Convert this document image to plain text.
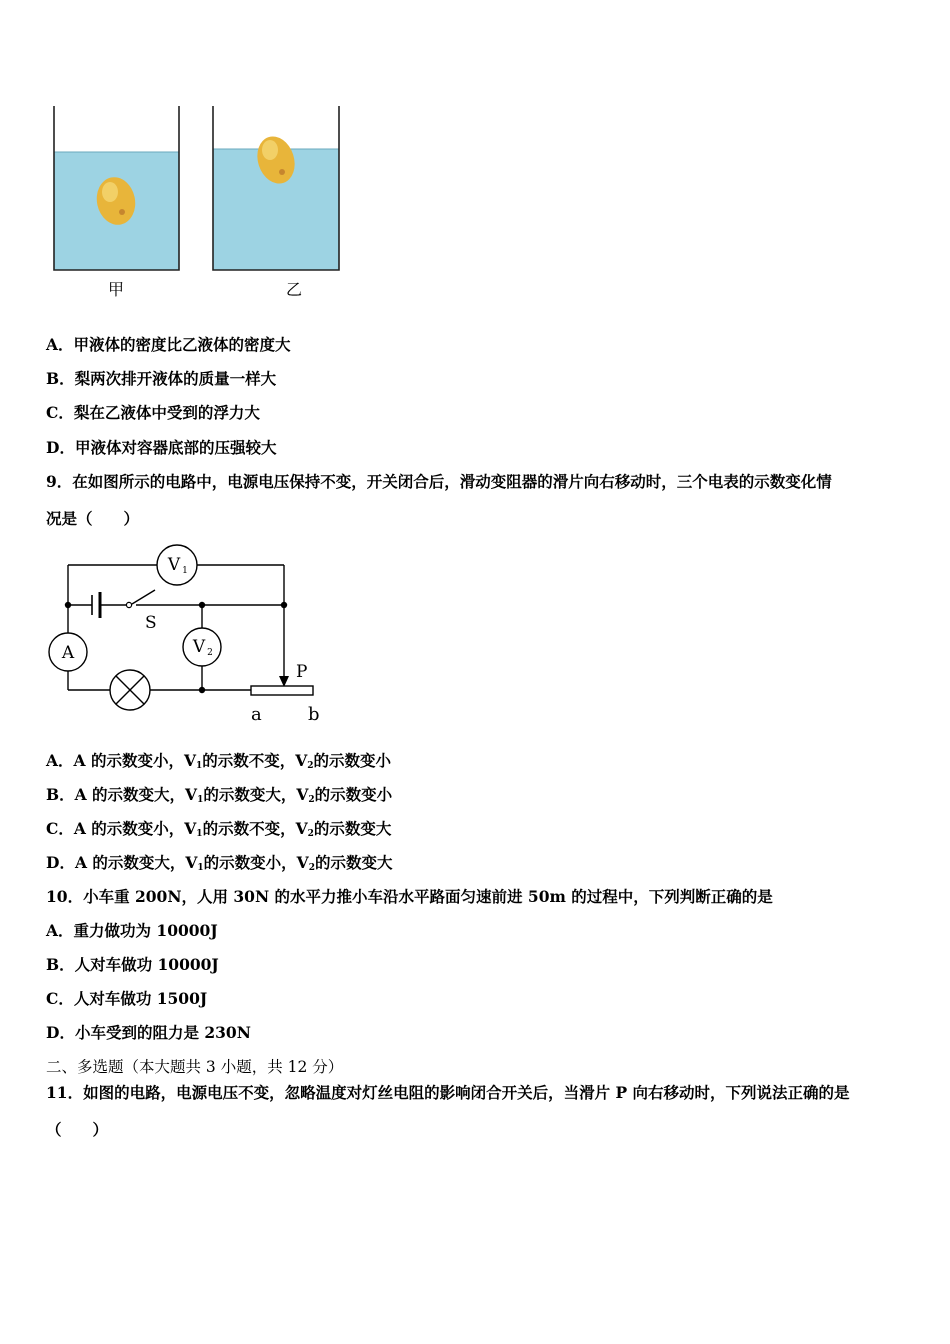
甲	乙
A．甲液体的密度比乙液体的密度大
B．梨两次排开液体的质量一样大
C．梨在乙液体中受到的浮力大
D．甲液体对容器底部的压强较大
9．在如图所示的电路中，电源电压保持不变，开关闭合后，滑动变阻器的滑片向右移动时，三个电表的示数变化情
况是（　　）
V 1
V 2
A
S
P
a	b
A．A 的示数变小，$V_1$的示数不变，$V_2$的示数变小
B．A 的示数变大，$V_1$的示数变大，$V_2$的示数变小
C．A 的示数变小，$V_1$的示数不变，$V_2$的示数变大
D．A 的示数变大，$V_1$的示数变小，$V_2$的示数变大
10．小车重 200N，人用 30N 的水平力推小车沿水平路面匀速前进 50m 的过程中，下列判断正确的是
A．重力做功为 10000J
B．人对车做功 10000J
C．人对车做功 1500J
D．小车受到的阻力是 230N
二、多选题（本大题共 3 小题，共 12 分）
11．如图的电路，电源电压不变，忽略温度对灯丝电阻的影响闭合开关后，当滑片 P 向右移动时，下列说法正确的是
（　　）
